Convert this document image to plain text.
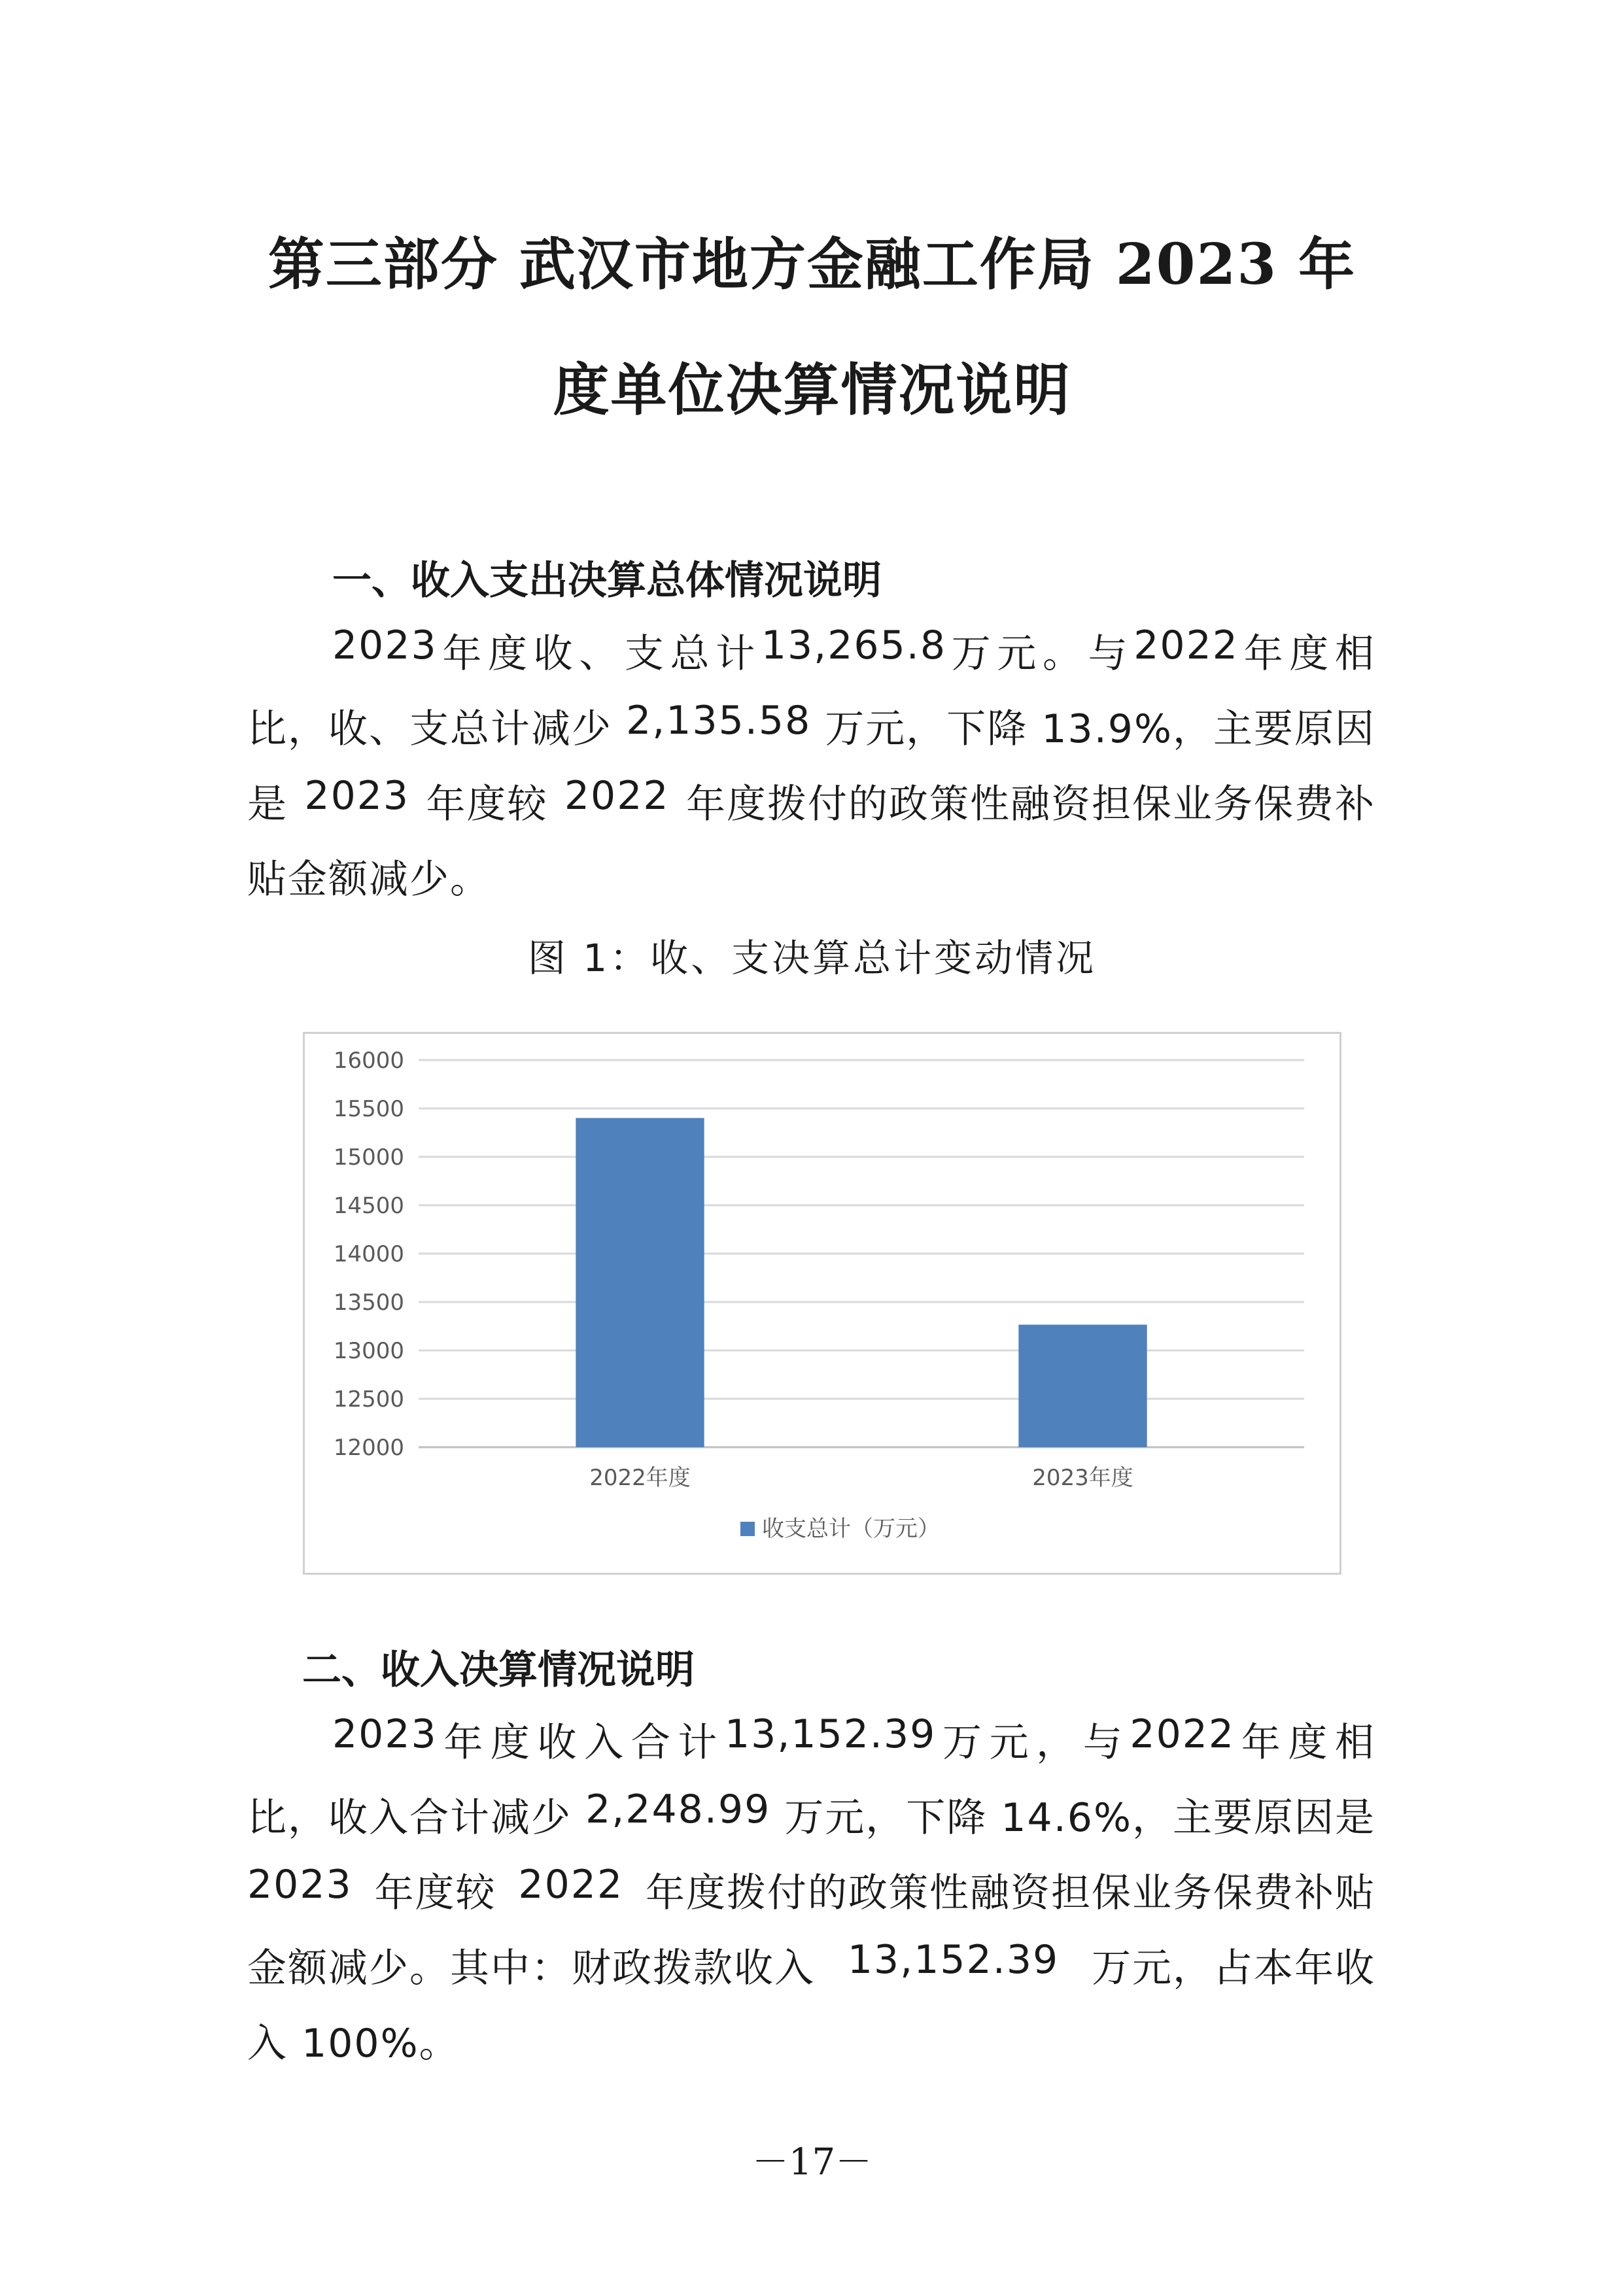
第三部分 武汉市地方金融工作局 2023 年
度单位决算情况说明
一、收入支出决算总体情况说明
2023 年 度 收 、 支 总 计 13,265.8 万 元 。 与 2022 年 度 相
比，收、支总计减少 2,135.58 万元，下降 13.9%，主要原因
是 2023 年度较 2022 年度拨付的政策性融资担保业务保费补
贴金额减少。

图 1：收、支决算总计变动情况

16000
15500
15000
14500
14000
13500
13000
12500
12000
2022年度	2023年度
收支总计（万元）
二、收入决算情况说明
2023 年 度 收 入 合 计 13,152.39 万 元 ， 与 2022 年 度 相
比，收入合计减少 2,248.99 万元，下降 14.6%，主要原因是
2023 年度较 2022 年度拨付的政策性融资担保业务保费补贴
金额减少。其中：财政拨款收入 13,152.39 万元，占本年收
入 100%。

－17－
